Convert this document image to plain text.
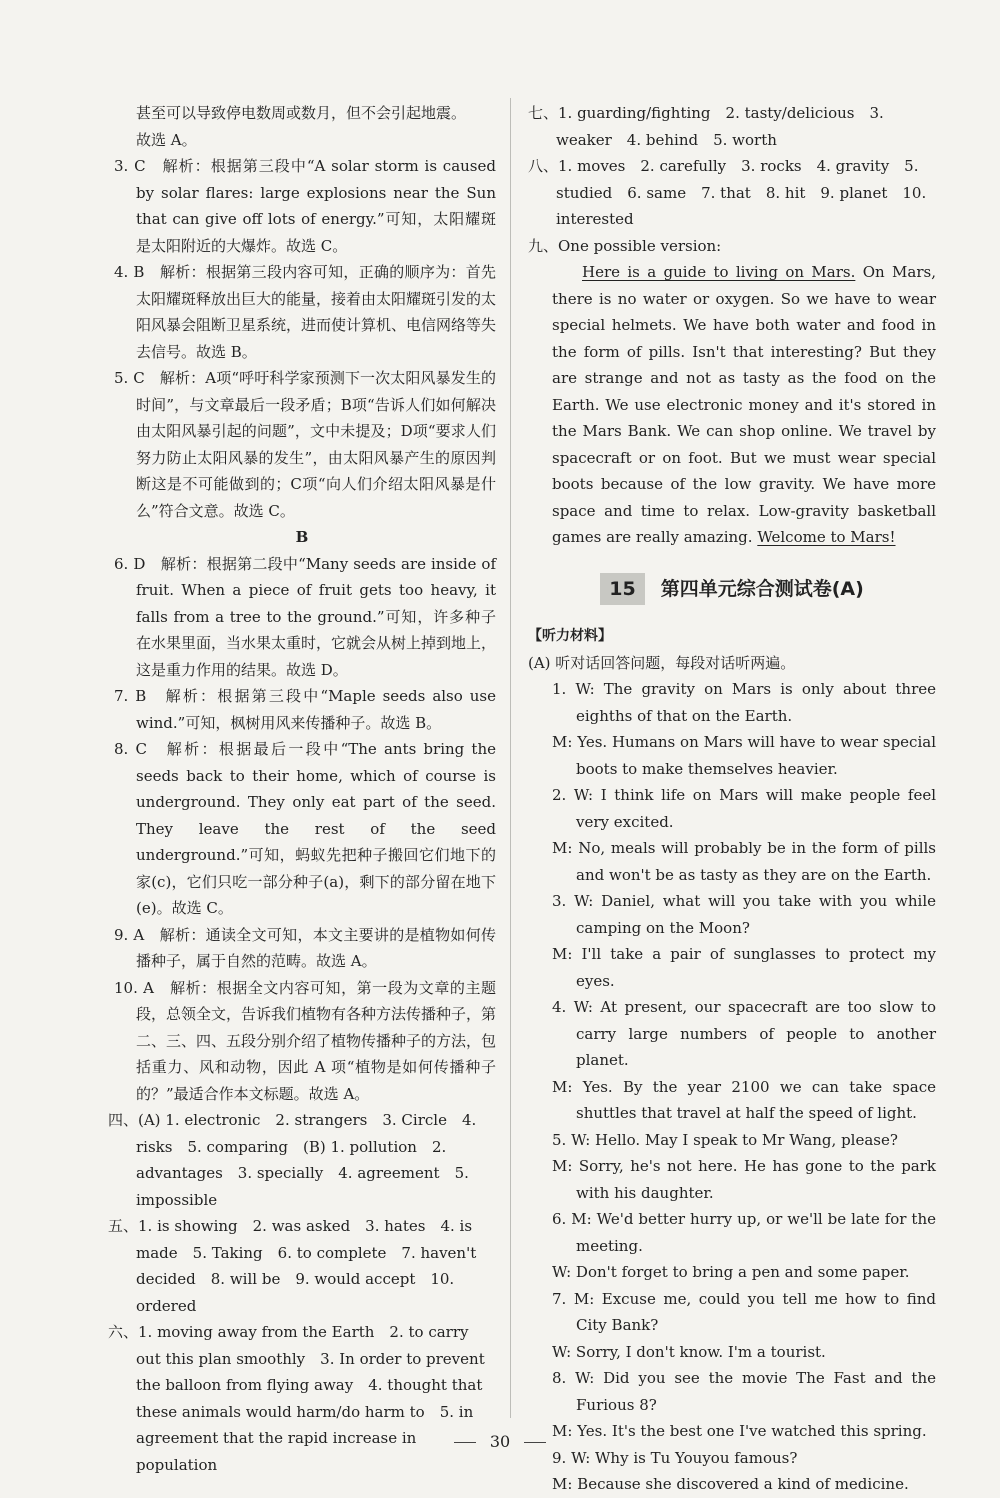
甚至可以导致停电数周或数月，但不会引起地震。
故选 A。
3. C　解析：根据第三段中“A solar storm is caused by solar flares: large explosions near the Sun that can give off lots of energy.”可知，太阳耀斑是太阳附近的大爆炸。故选 C。
4. B　解析：根据第三段内容可知，正确的顺序为：首先太阳耀斑释放出巨大的能量，接着由太阳耀斑引发的太阳风暴会阻断卫星系统，进而使计算机、电信网络等失去信号。故选 B。
5. C　解析：A项“呼吁科学家预测下一次太阳风暴发生的时间”，与文章最后一段矛盾；B项“告诉人们如何解决由太阳风暴引起的问题”，文中未提及；D项“要求人们努力防止太阳风暴的发生”，由太阳风暴产生的原因判断这是不可能做到的；C项“向人们介绍太阳风暴是什么”符合文意。故选 C。
B
6. D　解析：根据第二段中“Many seeds are inside of fruit. When a piece of fruit gets too heavy, it falls from a tree to the ground.”可知，许多种子在水果里面，当水果太重时，它就会从树上掉到地上，这是重力作用的结果。故选 D。
7. B　解析：根据第三段中“Maple seeds also use wind.”可知，枫树用风来传播种子。故选 B。
8. C　解析：根据最后一段中“The ants bring the seeds back to their home, which of course is underground. They only eat part of the seed. They leave the rest of the seed underground.”可知，蚂蚁先把种子搬回它们地下的家(c)，它们只吃一部分种子(a)，剩下的部分留在地下(e)。故选 C。
9. A　解析：通读全文可知，本文主要讲的是植物如何传播种子，属于自然的范畴。故选 A。
10. A　解析：根据全文内容可知，第一段为文章的主题段，总领全文，告诉我们植物有各种方法传播种子，第二、三、四、五段分别介绍了植物传播种子的方法，包括重力、风和动物，因此 A 项“植物是如何传播种子的？”最适合作本文标题。故选 A。
四、(A) 1. electronic　2. strangers　3. Circle　4. risks　5. comparing　(B) 1. pollution　2. advantages　3. specially　4. agreement　5. impossible
五、1. is showing　2. was asked　3. hates　4. is made　5. Taking　6. to complete　7. haven't decided　8. will be　9. would accept　10. ordered
六、1. moving away from the Earth　2. to carry out this plan smoothly　3. In order to prevent the balloon from flying away　4. thought that these animals would harm/do harm to　5. in agreement that the rapid increase in population
七、1. guarding/fighting　2. tasty/delicious　3. weaker　4. behind　5. worth
八、1. moves　2. carefully　3. rocks　4. gravity　5. studied　6. same　7. that　8. hit　9. planet　10. interested
九、One possible version:
Here is a guide to living on Mars. On Mars, there is no water or oxygen. So we have to wear special helmets. We have both water and food in the form of pills. Isn't that interesting? But they are strange and not as tasty as the food on the Earth. We use electronic money and it's stored in the Mars Bank. We can shop online. We travel by spacecraft or on foot. But we must wear special boots because of the low gravity. We have more space and time to relax. Low-gravity basketball games are really amazing. Welcome to Mars!
15	第四单元综合测试卷(A)
【听力材料】
(A) 听对话回答问题，每段对话听两遍。
1. W: The gravity on Mars is only about three eighths of that on the Earth.
M: Yes. Humans on Mars will have to wear special boots to make themselves heavier.
2. W: I think life on Mars will make people feel very excited.
M: No, meals will probably be in the form of pills and won't be as tasty as they are on the Earth.
3. W: Daniel, what will you take with you while camping on the Moon?
M: I'll take a pair of sunglasses to protect my eyes.
4. W: At present, our spacecraft are too slow to carry large numbers of people to another planet.
M: Yes. By the year 2100 we can take space shuttles that travel at half the speed of light.
5. W: Hello. May I speak to Mr Wang, please?
M: Sorry, he's not here. He has gone to the park with his daughter.
6. M: We'd better hurry up, or we'll be late for the meeting.
W: Don't forget to bring a pen and some paper.
7. M: Excuse me, could you tell me how to find City Bank?
W: Sorry, I don't know. I'm a tourist.
8. W: Did you see the movie The Fast and the Furious 8?
M: Yes. It's the best one I've watched this spring.
9. W: Why is Tu Youyou famous?
M: Because she discovered a kind of medicine.
30
